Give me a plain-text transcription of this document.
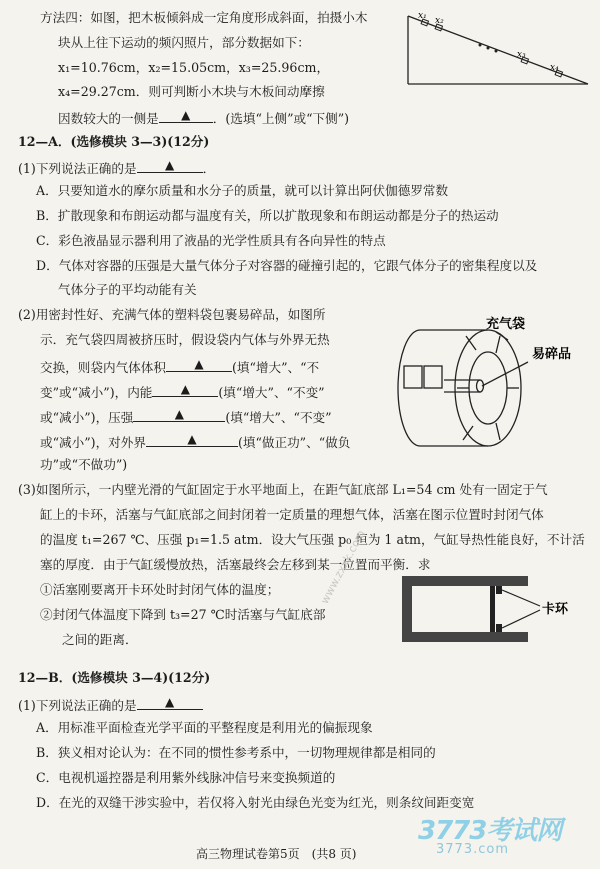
方法四：如图，把木板倾斜成一定角度形成斜面，拍摄小木
块从上往下运动的频闪照片，部分数据如下：
x₁=10.76cm，x₂=15.05cm，x₃=25.96cm，
x₄=29.27cm．则可判断小木块与木板间动摩擦
因数较大的一侧是 ▲ ．(选填“上侧”或“下侧”)
x₁ x₂
x₃
x₄
12—A．(选修模块 3—3)(12分)
(1)下列说法正确的是 ▲ ．
A．只要知道水的摩尔质量和水分子的质量，就可以计算出阿伏伽德罗常数
B．扩散现象和布朗运动都与温度有关，所以扩散现象和布朗运动都是分子的热运动
C．彩色液晶显示器利用了液晶的光学性质具有各向异性的特点
D．气体对容器的压强是大量气体分子对容器的碰撞引起的，它跟气体分子的密集程度以及
气体分子的平均动能有关
(2)用密封性好、充满气体的塑料袋包裹易碎品，如图所
示．充气袋四周被挤压时，假设袋内气体与外界无热
交换，则袋内气体体积 ▲ (填“增大”、“不
变”或“减小”)，内能 ▲ (填“增大”、“不变”
或“减小”)，压强	▲	(填“增大”、“不变”
或“减小”)，对外界	▲	(填“做正功”、“做负
功”或“不做功”)
充气袋
易碎品
(3)如图所示，一内壁光滑的气缸固定于水平地面上，在距气缸底部 L₁=54 cm 处有一固定于气
缸上的卡环，活塞与气缸底部之间封闭着一定质量的理想气体，活塞在图示位置时封闭气体
的温度 t₁=267 ℃、压强 p₁=1.5 atm．设大气压强 p₀ 恒为 1 atm，气缸导热性能良好，不计活
塞的厚度．由于气缸缓慢放热，活塞最终会左移到某一位置而平衡．求
①活塞刚要离开卡环处时封闭气体的温度；
②封闭气体温度下降到 t₃=27 ℃时活塞与气缸底部
之间的距离．
卡环
12—B．(选修模块 3—4)(12分)
(1)下列说法正确的是 ▲
A．用标准平面检查光学平面的平整程度是利用光的偏振现象
B．狭义相对论认为：在不同的惯性参考系中，一切物理规律都是相同的
C．电视机遥控器是利用紫外线脉冲信号来变换频道的
D．在光的双缝干涉实验中，若仅将入射光由绿色光变为红光，则条纹间距变宽
高三物理试卷第5页　(共8 页)
www.zxxk.com
3773考试网
3773.com
